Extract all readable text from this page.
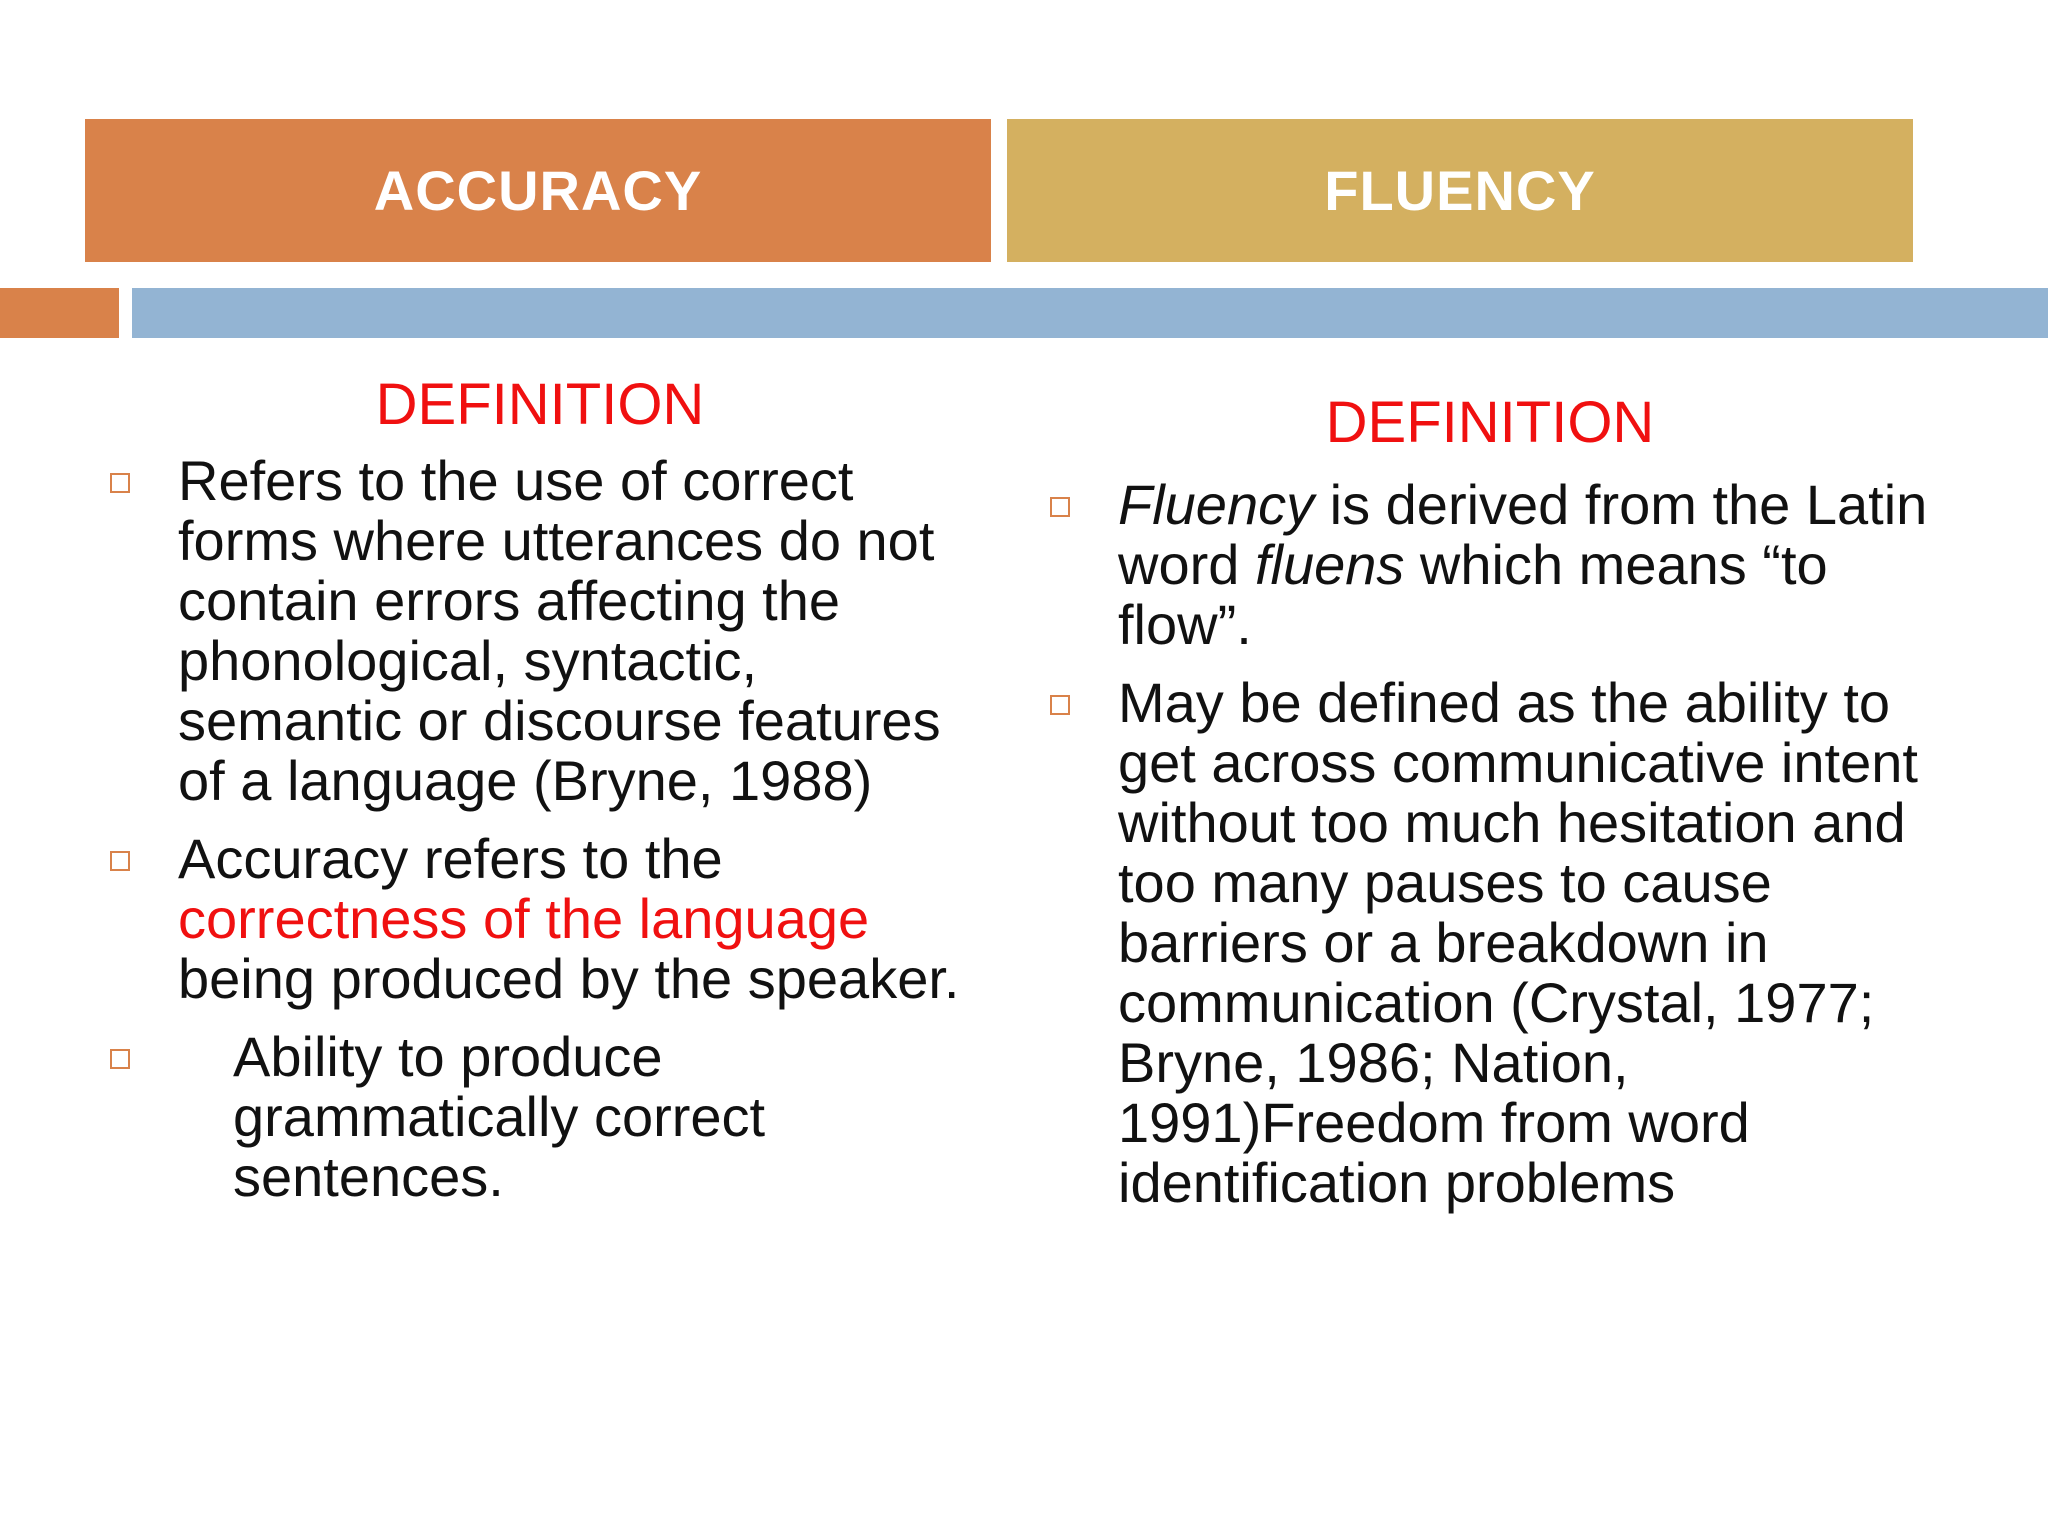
ACCURACY	FLUENCY
DEFINITION
Refers to the use of correct forms where utterances do not contain errors affecting the phonological, syntactic, semantic or discourse features of a language (Bryne, 1988)
Accuracy refers to the correctness of the language being produced by the speaker.
Ability to produce grammatically correct sentences.
DEFINITION
Fluency is derived from the Latin word fluens which means “to flow”.
May be defined as the ability to get across communicative intent without too much hesitation and too many pauses to cause barriers or a breakdown in communication (Crystal, 1977; Bryne, 1986; Nation, 1991)Freedom from word identification problems
